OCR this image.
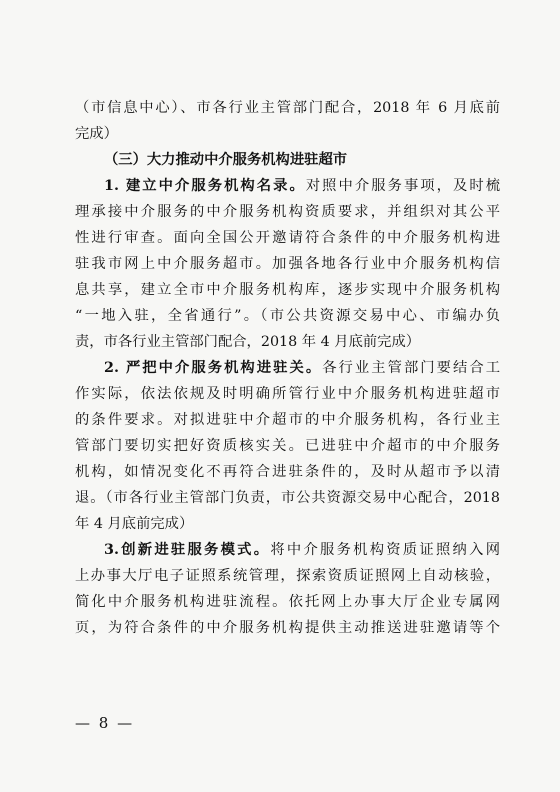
（市信息中心）、市各行业主管部门配合，2018 年 6 月底前
完成）
（三）大力推动中介服务机构进驻超市
1. 建立中介服务机构名录。对照中介服务事项，及时梳
理承接中介服务的中介服务机构资质要求，并组织对其公平
性进行审查。面向全国公开邀请符合条件的中介服务机构进
驻我市网上中介服务超市。加强各地各行业中介服务机构信
息共享，建立全市中介服务机构库，逐步实现中介服务机构
“一地入驻，全省通行”。（市公共资源交易中心、市编办负
责，市各行业主管部门配合，2018 年 4 月底前完成）
2. 严把中介服务机构进驻关。各行业主管部门要结合工
作实际，依法依规及时明确所管行业中介服务机构进驻超市
的条件要求。对拟进驻中介超市的中介服务机构，各行业主
管部门要切实把好资质核实关。已进驻中介超市的中介服务
机构，如情况变化不再符合进驻条件的，及时从超市予以清
退。（市各行业主管部门负责，市公共资源交易中心配合，2018
年 4 月底前完成）
3.创新进驻服务模式。将中介服务机构资质证照纳入网
上办事大厅电子证照系统管理，探索资质证照网上自动核验，
简化中介服务机构进驻流程。依托网上办事大厅企业专属网
页，为符合条件的中介服务机构提供主动推送进驻邀请等个
— 8 —
